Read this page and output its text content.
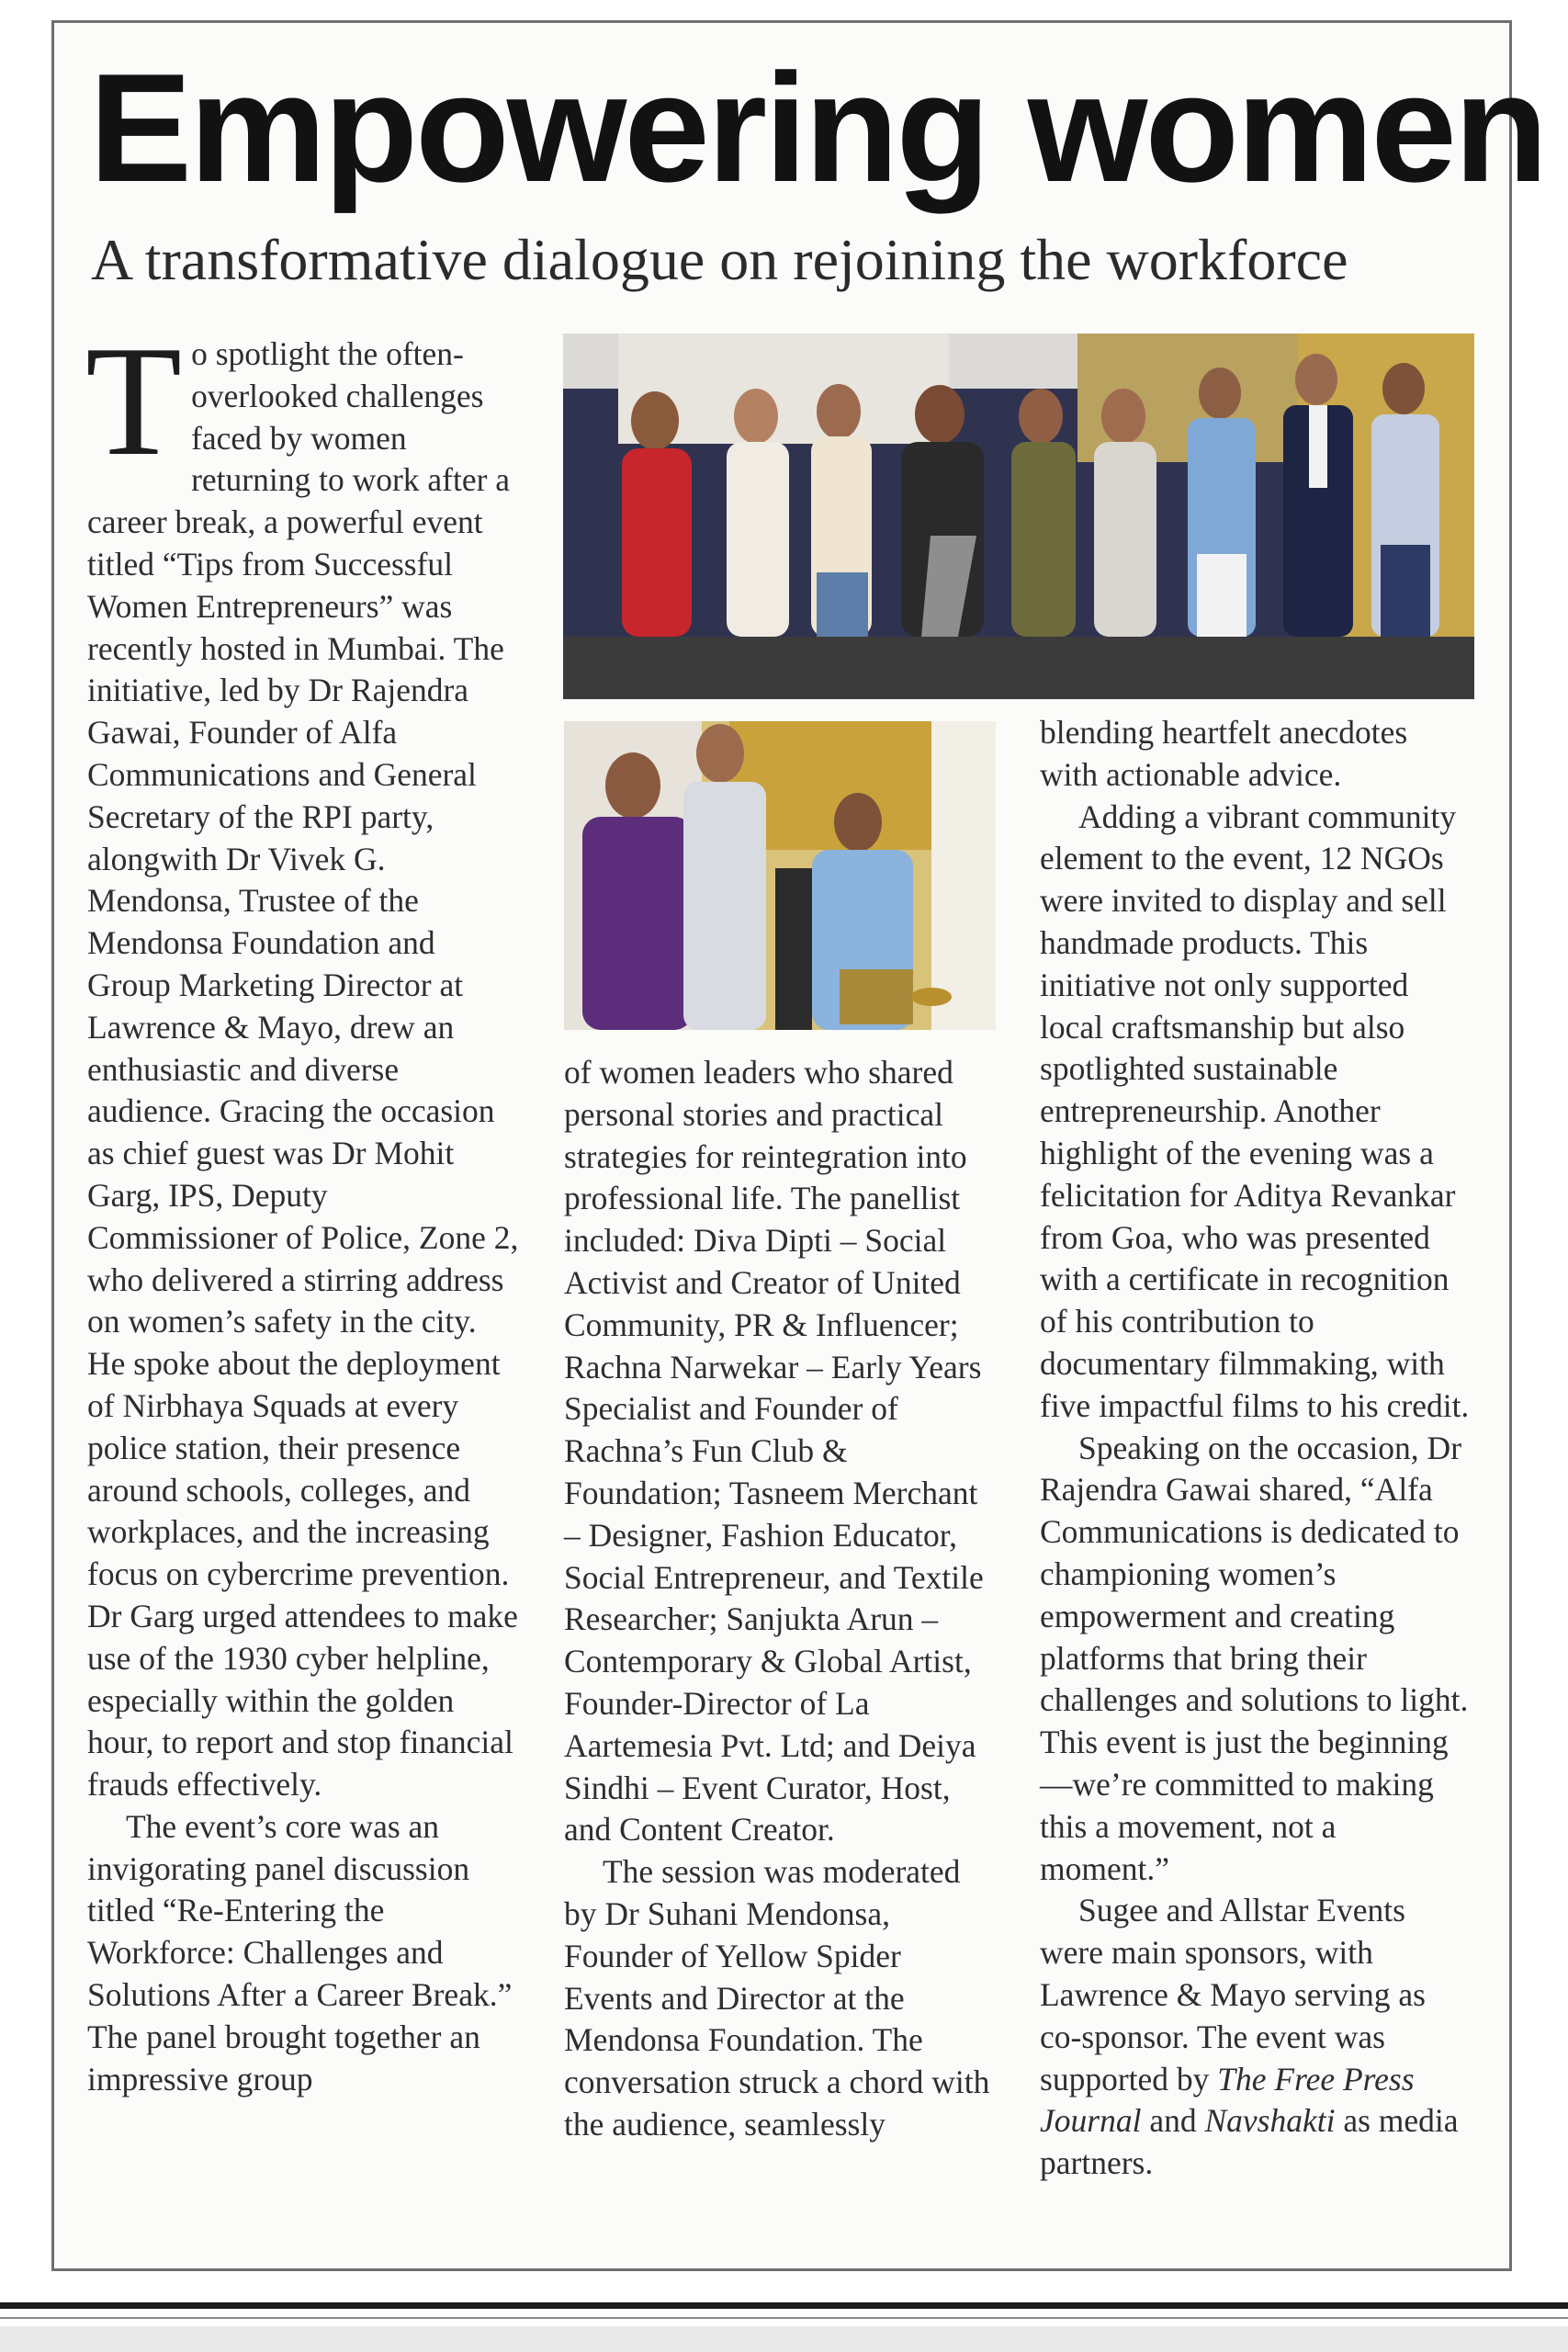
Empowering women
A transformative dialogue on rejoining the workforce

To spotlight the often-overlooked challenges faced by women returning to work after a career break, a powerful event titled “Tips from Successful Women Entrepreneurs” was recently hosted in Mumbai. The initiative, led by Dr Rajendra Gawai, Founder of Alfa Communications and General Secretary of the RPI party, alongwith Dr Vivek G. Mendonsa, Trustee of the Mendonsa Foundation and Group Marketing Director at Lawrence & Mayo, drew an enthusiastic and diverse audience. Gracing the occasion as chief guest was Dr Mohit Garg, IPS, Deputy Commissioner of Police, Zone 2, who delivered a stirring address on women’s safety in the city. He spoke about the deployment of Nirbhaya Squads at every police station, their presence around schools, colleges, and workplaces, and the increasing focus on cybercrime prevention. Dr Garg urged attendees to make use of the 1930 cyber helpline, especially within the golden hour, to report and stop financial frauds effectively.

The event’s core was an invigorating panel discussion titled “Re-Entering the Workforce: Challenges and Solutions After a Career Break.” The panel brought together an impressive group

of women leaders who shared personal stories and practical strategies for reintegration into professional life. The panellist included: Diva Dipti – Social Activist and Creator of United Community, PR & Influencer; Rachna Narwekar – Early Years Specialist and Founder of Rachna’s Fun Club & Foundation; Tasneem Merchant – Designer, Fashion Educator, Social Entrepreneur, and Textile Researcher; Sanjukta Arun – Contemporary & Global Artist, Founder-Director of La Aartemesia Pvt. Ltd; and Deiya Sindhi – Event Curator, Host, and Content Creator.

The session was moderated by Dr Suhani Mendonsa, Founder of Yellow Spider Events and Director at the Mendonsa Foundation. The conversation struck a chord with the audience, seamlessly

blending heartfelt anecdotes with actionable advice.

Adding a vibrant community element to the event, 12 NGOs were invited to display and sell handmade products. This initiative not only supported local craftsmanship but also spotlighted sustainable entrepreneurship. Another highlight of the evening was a felicitation for Aditya Revankar from Goa, who was presented with a certificate in recognition of his contribution to documentary filmmaking, with five impactful films to his credit.

Speaking on the occasion, Dr Rajendra Gawai shared, “Alfa Communications is dedicated to championing women’s empowerment and creating platforms that bring their challenges and solutions to light. This event is just the beginning—we’re committed to making this a movement, not a moment.”

Sugee and Allstar Events were main sponsors, with Lawrence & Mayo serving as co-sponsor. The event was supported by The Free Press Journal and Navshakti as media partners.
